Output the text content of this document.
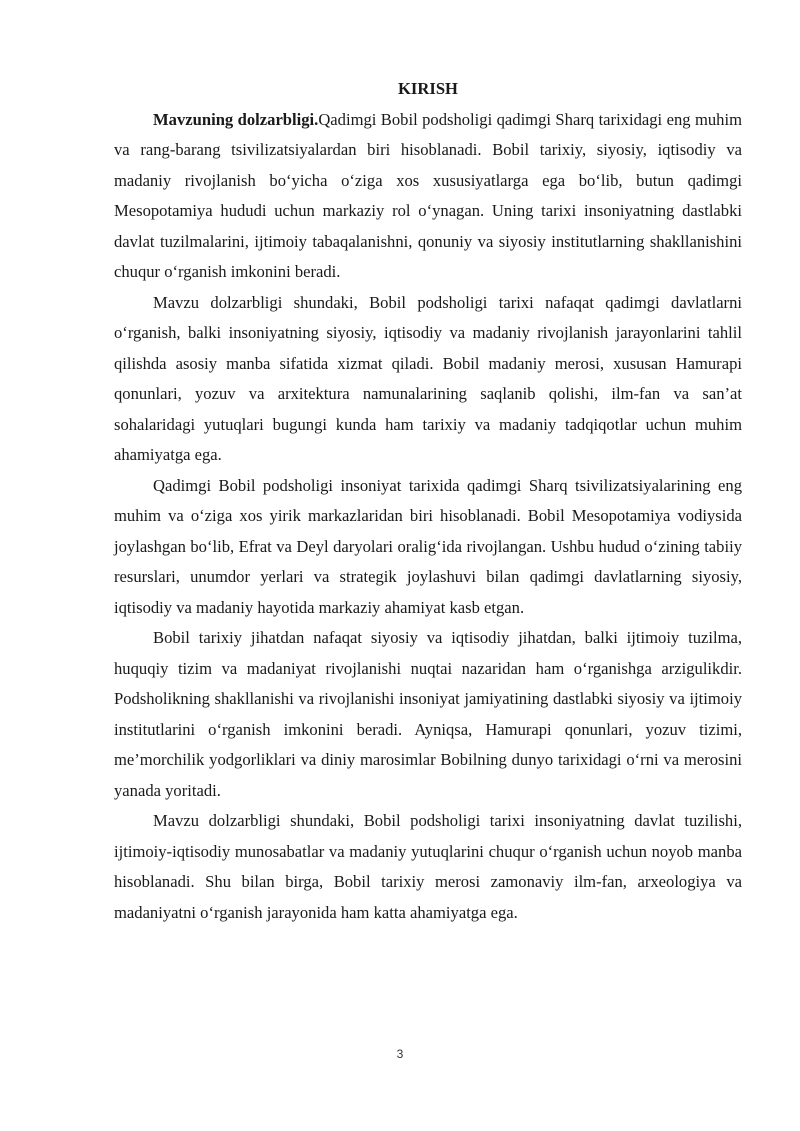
KIRISH

Mavzuning dolzarbligi.Qadimgi Bobil podsholigi qadimgi Sharq tarixidagi eng muhim va rang-barang tsivilizatsiyalardan biri hisoblanadi. Bobil tarixiy, siyosiy, iqtisodiy va madaniy rivojlanish boʻyicha oʻziga xos xususiyatlarga ega boʻlib, butun qadimgi Mesopotamiya hududi uchun markaziy rol oʻynagan. Uning tarixi insoniyatning dastlabki davlat tuzilmalarini, ijtimoiy tabaqalanishni, qonuniy va siyosiy institutlarning shakllanishini chuqur oʻrganish imkonini beradi.

Mavzu dolzarbligi shundaki, Bobil podsholigi tarixi nafaqat qadimgi davlatlarni oʻrganish, balki insoniyatning siyosiy, iqtisodiy va madaniy rivojlanish jarayonlarini tahlil qilishda asosiy manba sifatida xizmat qiladi. Bobil madaniy merosi, xususan Hamurapi qonunlari, yozuv va arxitektura namunalarining saqlanib qolishi, ilm-fan va san’at sohalaridagi yutuqlari bugungi kunda ham tarixiy va madaniy tadqiqotlar uchun muhim ahamiyatga ega.

Qadimgi Bobil podsholigi insoniyat tarixida qadimgi Sharq tsivilizatsiyalarining eng muhim va oʻziga xos yirik markazlaridan biri hisoblanadi. Bobil Mesopotamiya vodiysida joylashgan boʻlib, Efrat va Deyl daryolari oraligʻida rivojlangan. Ushbu hudud oʻzining tabiiy resurslari, unumdor yerlari va strategik joylashuvi bilan qadimgi davlatlarning siyosiy, iqtisodiy va madaniy hayotida markaziy ahamiyat kasb etgan.

Bobil tarixiy jihatdan nafaqat siyosiy va iqtisodiy jihatdan, balki ijtimoiy tuzilma, huquqiy tizim va madaniyat rivojlanishi nuqtai nazaridan ham oʻrganishga arzigulikdir. Podsholikning shakllanishi va rivojlanishi insoniyat jamiyatining dastlabki siyosiy va ijtimoiy institutlarini oʻrganish imkonini beradi. Ayniqsa, Hamurapi qonunlari, yozuv tizimi, me’morchilik yodgorliklari va diniy marosimlar Bobilning dunyo tarixidagi oʻrni va merosini yanada yoritadi.

Mavzu dolzarbligi shundaki, Bobil podsholigi tarixi insoniyatning davlat tuzilishi, ijtimoiy-iqtisodiy munosabatlar va madaniy yutuqlarini chuqur oʻrganish uchun noyob manba hisoblanadi. Shu bilan birga, Bobil tarixiy merosi zamonaviy ilm-fan, arxeologiya va madaniyatni oʻrganish jarayonida ham katta ahamiyatga ega.

3
